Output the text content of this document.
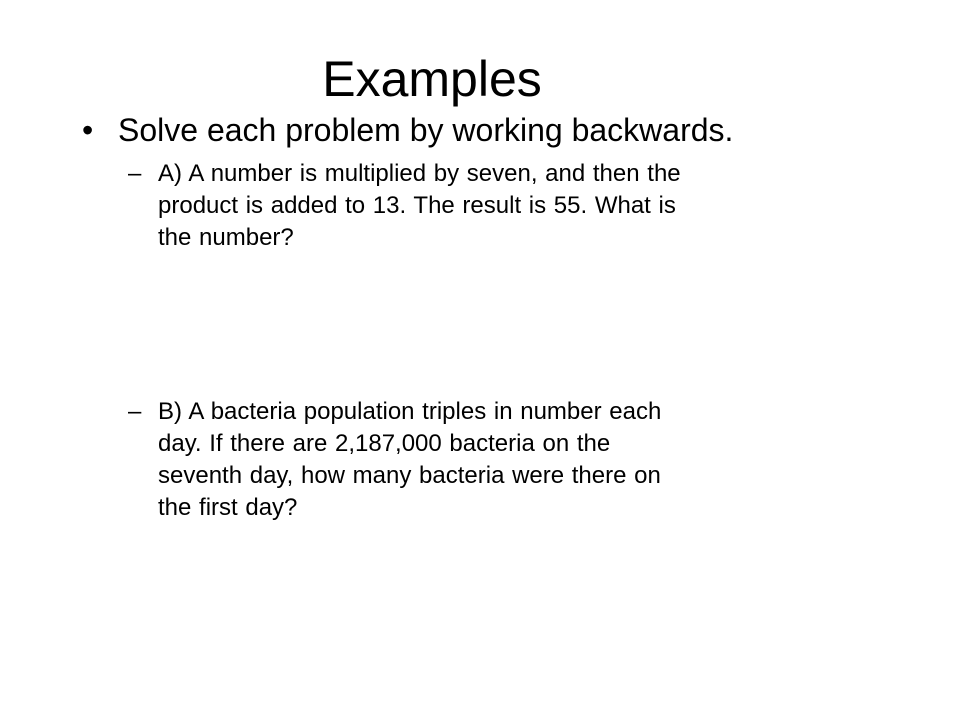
Examples
• Solve each problem by working backwards.
– A) A number is multiplied by seven, and then the
product is added to 13. The result is 55. What is
the number?
– B) A bacteria population triples in number each
day. If there are 2,187,000 bacteria on the
seventh day, how many bacteria were there on
the first day?
